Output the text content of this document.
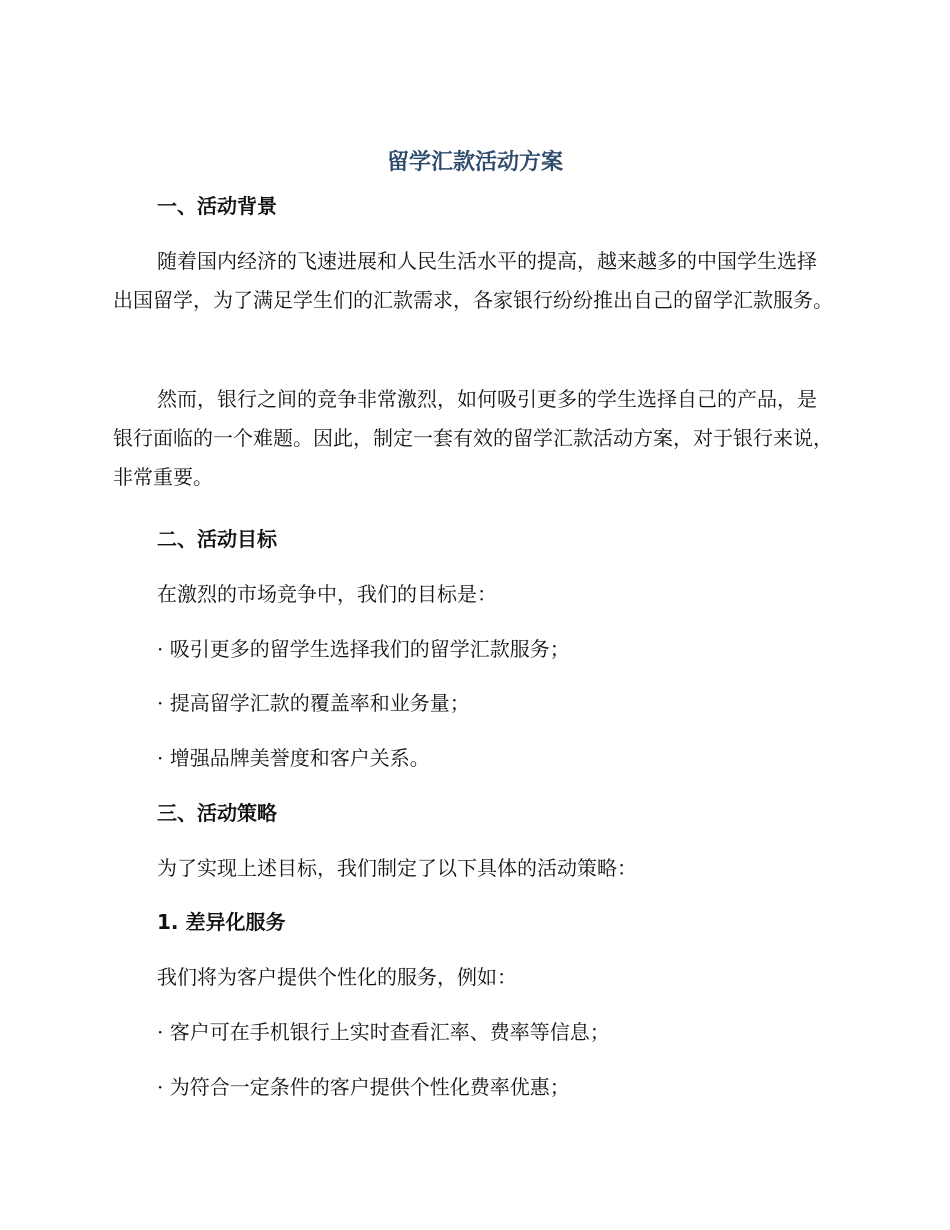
留学汇款活动方案
一、活动背景

随着国内经济的飞速进展和人民生活水平的提高，越来越多的中国学生选择出国留学，为了满足学生们的汇款需求，各家银行纷纷推出自己的留学汇款服务。

然而，银行之间的竞争非常激烈，如何吸引更多的学生选择自己的产品，是银行面临的一个难题。因此，制定一套有效的留学汇款活动方案，对于银行来说，非常重要。

二、活动目标

在激烈的市场竞争中，我们的目标是：

· 吸引更多的留学生选择我们的留学汇款服务；

· 提高留学汇款的覆盖率和业务量；

· 增强品牌美誉度和客户关系。

三、活动策略

为了实现上述目标，我们制定了以下具体的活动策略：

1. 差异化服务

我们将为客户提供个性化的服务，例如：

· 客户可在手机银行上实时查看汇率、费率等信息；

· 为符合一定条件的客户提供个性化费率优惠；
